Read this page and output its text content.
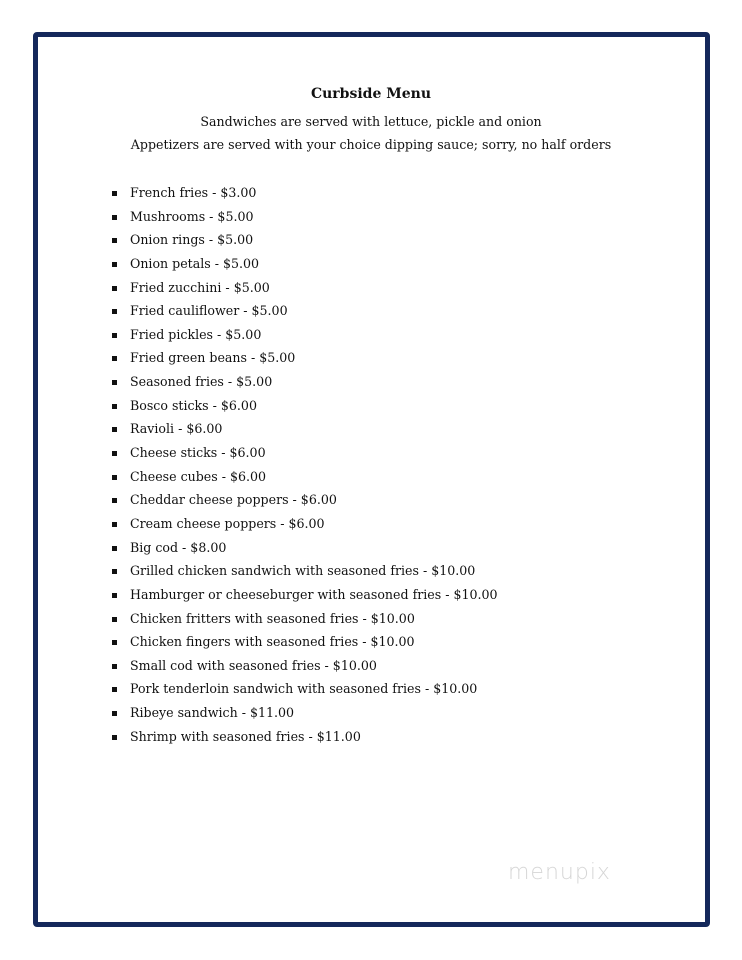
Curbside Menu
Sandwiches are served with lettuce, pickle and onion
Appetizers are served with your choice dipping sauce; sorry, no half orders
French fries - $3.00
Mushrooms - $5.00
Onion rings - $5.00
Onion petals - $5.00
Fried zucchini - $5.00
Fried cauliflower - $5.00
Fried pickles - $5.00
Fried green beans - $5.00
Seasoned fries - $5.00
Bosco sticks - $6.00
Ravioli - $6.00
Cheese sticks - $6.00
Cheese cubes - $6.00
Cheddar cheese poppers - $6.00
Cream cheese poppers - $6.00
Big cod - $8.00
Grilled chicken sandwich with seasoned fries - $10.00
Hamburger or cheeseburger with seasoned fries - $10.00
Chicken fritters with seasoned fries - $10.00
Chicken fingers with seasoned fries - $10.00
Small cod with seasoned fries - $10.00
Pork tenderloin sandwich with seasoned fries - $10.00
Ribeye sandwich - $11.00
Shrimp with seasoned fries - $11.00
menupix
